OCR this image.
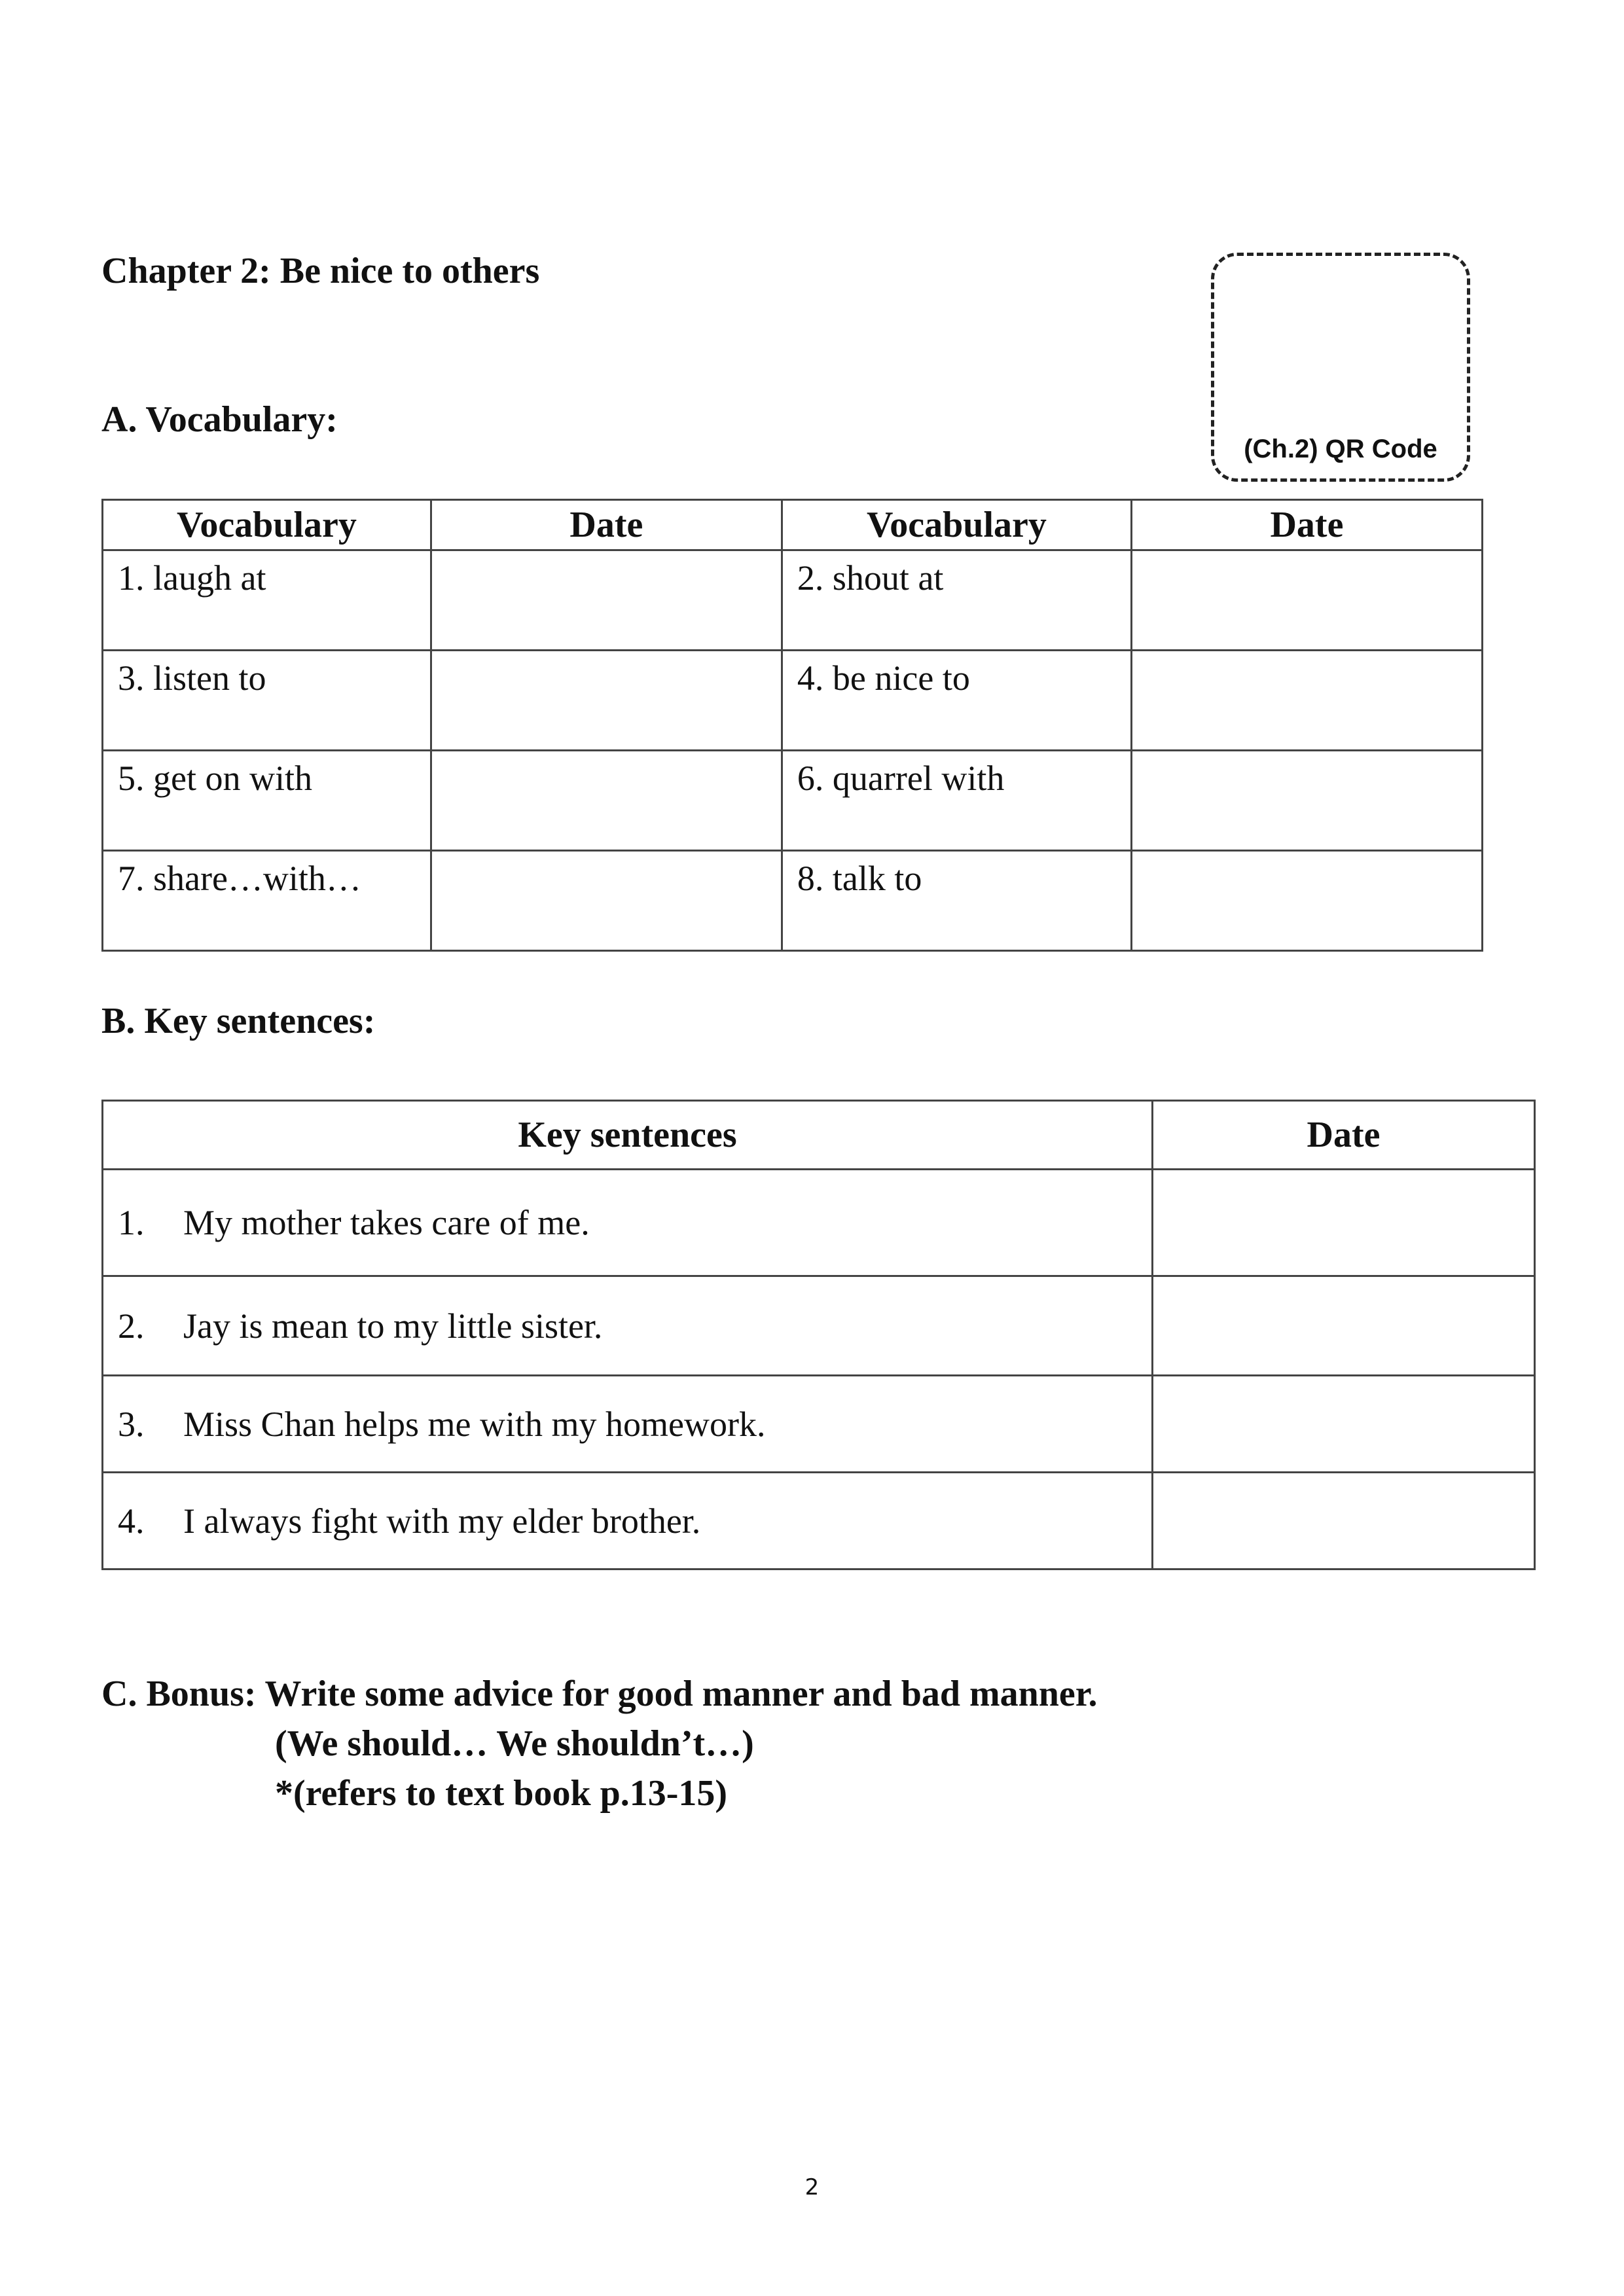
Chapter 2: Be nice to others
(Ch.2) QR Code
A. Vocabulary:
Vocabulary	Date	Vocabulary	Date

1. laugh at		2. shout at	

3. listen to		4. be nice to	

5. get on with		6. quarrel with	

7. share…with…		8. talk to	

B. Key sentences:
Key sentences	Date
1. My mother takes care of me.	
2. Jay is mean to my little sister.	
3. Miss Chan helps me with my homework.	
4. I always fight with my elder brother.	
C. Bonus: Write some advice for good manner and bad manner.
(We should… We shouldn’t…)
*(refers to text book p.13-15)
2
